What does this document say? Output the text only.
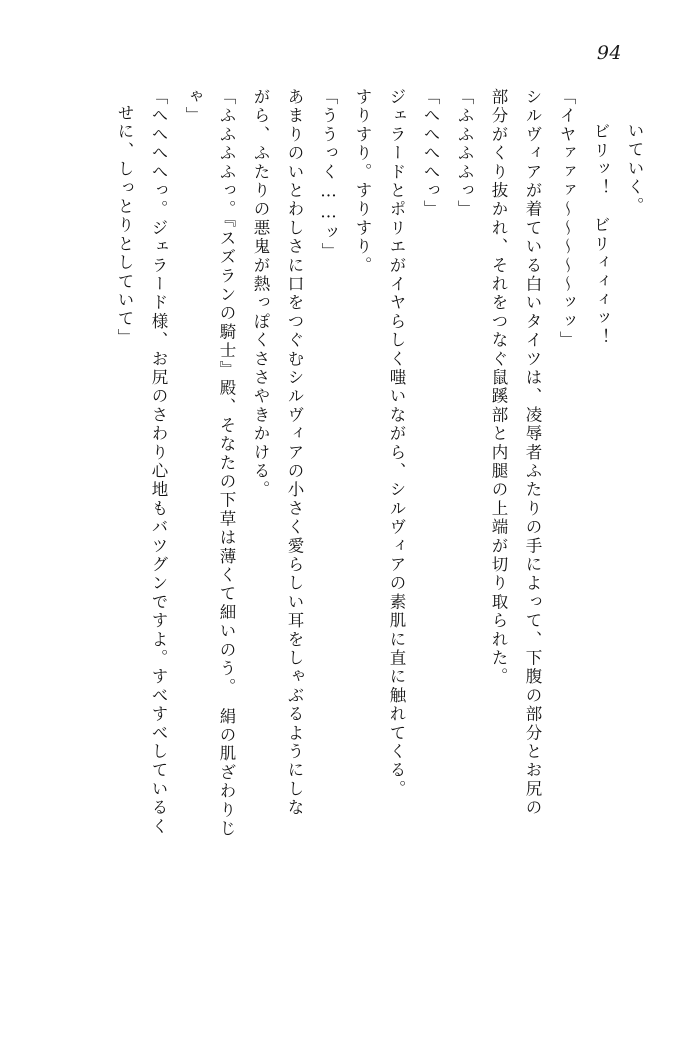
94
いていく。
　ビリッ！　ビリィィィッ！
「イヤァァァ～～～～～ッッ」
シルヴィアが着ている白いタイツは、凌辱者ふたりの手によって、下腹の部分とお尻の
部分がくり抜かれ、それをつなぐ鼠蹊部と内腿の上端が切り取られた。
「ふふふふっ」
「へへへへっ」
ジェラードとポリエがイヤらしく嗤いながら、シルヴィアの素肌に直に触れてくる。
すりすり。すりすり。
「ううっく……ッ」
あまりのいとわしさに口をつぐむシルヴィアの小さく愛らしい耳をしゃぶるようにしな
がら、ふたりの悪鬼が熱っぽくささやきかける。
「ふふふふっ。『スズランの騎士』殿、そなたの下草は薄くて細いのう。　絹の肌ざわりじ
ゃ」
「へへへへっ。ジェラード様、お尻のさわり心地もバツグンですよ。すべすべしているく
せに、しっとりとしていて」
